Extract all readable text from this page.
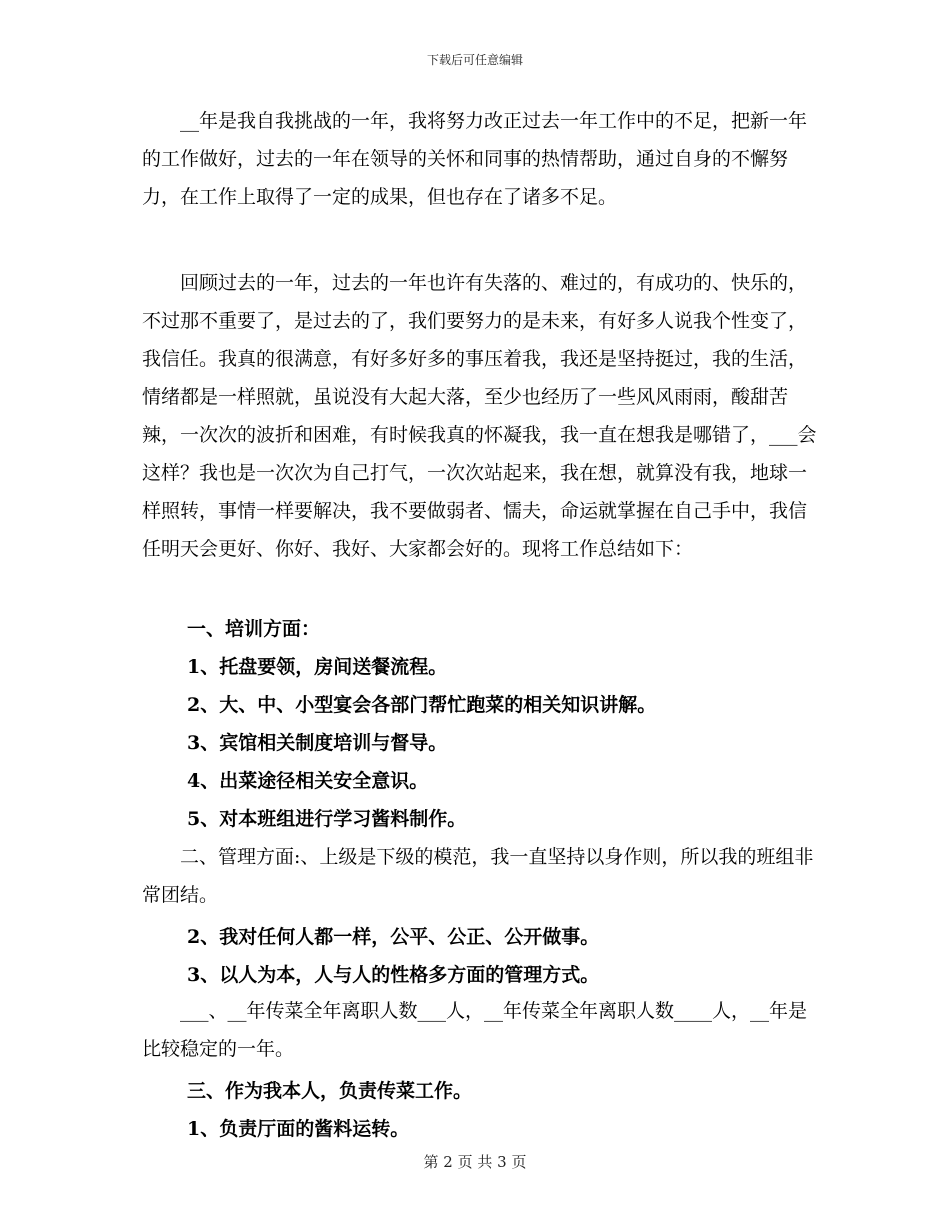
下载后可任意编辑
__年是我自我挑战的一年，我将努力改正过去一年工作中的不足，把新一年的工作做好，过去的一年在领导的关怀和同事的热情帮助，通过自身的不懈努力，在工作上取得了一定的成果，但也存在了诸多不足。
回顾过去的一年，过去的一年也许有失落的、难过的，有成功的、快乐的，不过那不重要了，是过去的了，我们要努力的是未来，有好多人说我个性变了，我信任。我真的很满意，有好多好多的事压着我，我还是坚持挺过，我的生活，情绪都是一样照就，虽说没有大起大落，至少也经历了一些风风雨雨，酸甜苦辣，一次次的波折和困难，有时候我真的怀凝我，我一直在想我是哪错了，___会这样？我也是一次次为自己打气，一次次站起来，我在想，就算没有我，地球一样照转，事情一样要解决，我不要做弱者、懦夫，命运就掌握在自己手中，我信任明天会更好、你好、我好、大家都会好的。现将工作总结如下：
一、培训方面：
1、托盘要领，房间送餐流程。
2、大、中、小型宴会各部门帮忙跑菜的相关知识讲解。
3、宾馆相关制度培训与督导。
4、出菜途径相关安全意识。
5、对本班组进行学习酱料制作。
二、管理方面:、上级是下级的模范，我一直坚持以身作则，所以我的班组非常团结。
2、我对任何人都一样，公平、公正、公开做事。
3、以人为本，人与人的性格多方面的管理方式。
___、__年传菜全年离职人数___人，__年传菜全年离职人数____人，__年是比较稳定的一年。
三、作为我本人，负责传菜工作。
1、负责厅面的酱料运转。
第 2 页 共 3 页
